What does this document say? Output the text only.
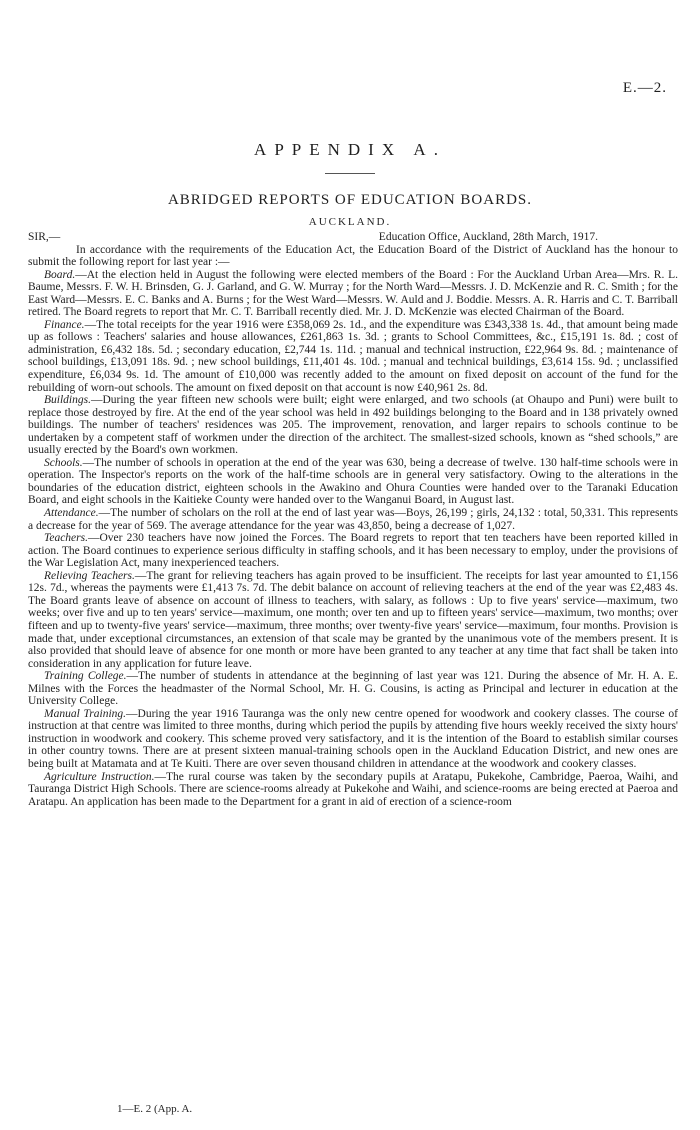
E.—2.
APPENDIX A.
ABRIDGED REPORTS OF EDUCATION BOARDS.
AUCKLAND.

SIR,—	Education Office, Auckland, 28th March, 1917.

In accordance with the requirements of the Education Act, the Education Board of the District of Auckland has the honour to submit the following report for last year :—

Board.—At the election held in August the following were elected members of the Board : For the Auckland Urban Area—Mrs. R. L. Baume, Messrs. F. W. H. Brinsden, G. J. Garland, and G. W. Murray ; for the North Ward—Messrs. J. D. McKenzie and R. C. Smith ; for the East Ward—Messrs. E. C. Banks and A. Burns ; for the West Ward—Messrs. W. Auld and J. Boddie. Messrs. A. R. Harris and C. T. Barriball retired. The Board regrets to report that Mr. C. T. Barriball recently died. Mr. J. D. McKenzie was elected Chairman of the Board.

Finance.—The total receipts for the year 1916 were £358,069 2s. 1d., and the expenditure was £343,338 1s. 4d., that amount being made up as follows : Teachers' salaries and house allowances, £261,863 1s. 3d. ; grants to School Committees, &c., £15,191 1s. 8d. ; cost of administration, £6,432 18s. 5d. ; secondary education, £2,744 1s. 11d. ; manual and technical instruction, £22,964 9s. 8d. ; maintenance of school buildings, £13,091 18s. 9d. ; new school buildings, £11,401 4s. 10d. ; manual and technical buildings, £3,614 15s. 9d. ; unclassified expenditure, £6,034 9s. 1d. The amount of £10,000 was recently added to the amount on fixed deposit on account of the fund for the rebuilding of worn-out schools. The amount on fixed deposit on that account is now £40,961 2s. 8d.

Buildings.—During the year fifteen new schools were built; eight were enlarged, and two schools (at Ohaupo and Puni) were built to replace those destroyed by fire. At the end of the year school was held in 492 buildings belonging to the Board and in 138 privately owned buildings. The number of teachers' residences was 205. The improvement, renovation, and larger repairs to schools continue to be undertaken by a competent staff of workmen under the direction of the architect. The smallest-sized schools, known as “shed schools,” are usually erected by the Board's own workmen.

Schools.—The number of schools in operation at the end of the year was 630, being a decrease of twelve. 130 half-time schools were in operation. The Inspector's reports on the work of the half-time schools are in general very satisfactory. Owing to the alterations in the boundaries of the education district, eighteen schools in the Awakino and Ohura Counties were handed over to the Taranaki Education Board, and eight schools in the Kaitieke County were handed over to the Wanganui Board, in August last.

Attendance.—The number of scholars on the roll at the end of last year was—Boys, 26,199 ; girls, 24,132 : total, 50,331. This represents a decrease for the year of 569. The average attendance for the year was 43,850, being a decrease of 1,027.

Teachers.—Over 230 teachers have now joined the Forces. The Board regrets to report that ten teachers have been reported killed in action. The Board continues to experience serious difficulty in staffing schools, and it has been necessary to employ, under the provisions of the War Legislation Act, many inexperienced teachers.

Relieving Teachers.—The grant for relieving teachers has again proved to be insufficient. The receipts for last year amounted to £1,156 12s. 7d., whereas the payments were £1,413 7s. 7d. The debit balance on account of relieving teachers at the end of the year was £2,483 4s. The Board grants leave of absence on account of illness to teachers, with salary, as follows : Up to five years' service—maximum, two weeks; over five and up to ten years' service—maximum, one month; over ten and up to fifteen years' service—maximum, two months; over fifteen and up to twenty-five years' service—maximum, three months; over twenty-five years' service—maximum, four months. Provision is made that, under exceptional circumstances, an extension of that scale may be granted by the unanimous vote of the members present. It is also provided that should leave of absence for one month or more have been granted to any teacher at any time that fact shall be taken into consideration in any application for future leave.

Training College.—The number of students in attendance at the beginning of last year was 121. During the absence of Mr. H. A. E. Milnes with the Forces the headmaster of the Normal School, Mr. H. G. Cousins, is acting as Principal and lecturer in education at the University College.

Manual Training.—During the year 1916 Tauranga was the only new centre opened for woodwork and cookery classes. The course of instruction at that centre was limited to three months, during which period the pupils by attending five hours weekly received the sixty hours' instruction in woodwork and cookery. This scheme proved very satisfactory, and it is the intention of the Board to establish similar courses in other country towns. There are at present sixteen manual-training schools open in the Auckland Education District, and new ones are being built at Matamata and at Te Kuiti. There are over seven thousand children in attendance at the woodwork and cookery classes.

Agriculture Instruction.—The rural course was taken by the secondary pupils at Aratapu, Pukekohe, Cambridge, Paeroa, Waihi, and Tauranga District High Schools. There are science-rooms already at Pukekohe and Waihi, and science-rooms are being erected at Paeroa and Aratapu. An application has been made to the Department for a grant in aid of erection of a science-room

1—E. 2 (App. A.
